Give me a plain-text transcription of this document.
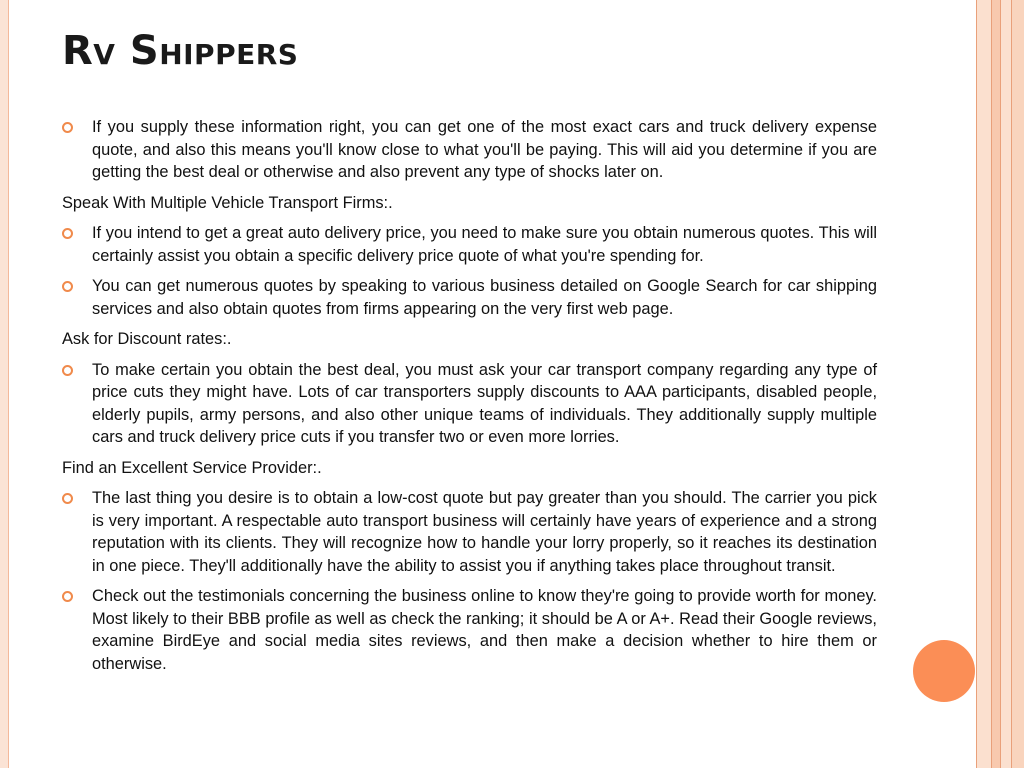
Rv Shippers
If you supply these information right, you can get one of the most exact cars and truck delivery expense quote, and also this means you'll know close to what you'll be paying. This will aid you determine if you are getting the best deal or otherwise and also prevent any type of shocks later on.

Speak With Multiple Vehicle Transport Firms:.

If you intend to get a great auto delivery price, you need to make sure you obtain numerous quotes. This will certainly assist you obtain a specific delivery price quote of what you're spending for.
You can get numerous quotes by speaking to various business detailed on Google Search for car shipping services and also obtain quotes from firms appearing on the very first web page.

Ask for Discount rates:.

To make certain you obtain the best deal, you must ask your car transport company regarding any type of price cuts they might have. Lots of car transporters supply discounts to AAA participants, disabled people, elderly pupils, army persons, and also other unique teams of individuals. They additionally supply multiple cars and truck delivery price cuts if you transfer two or even more lorries.

Find an Excellent Service Provider:.

The last thing you desire is to obtain a low-cost quote but pay greater than you should. The carrier you pick is very important. A respectable auto transport business will certainly have years of experience and a strong reputation with its clients. They will recognize how to handle your lorry properly, so it reaches its destination in one piece. They'll additionally have the ability to assist you if anything takes place throughout transit.
Check out the testimonials concerning the business online to know they're going to provide worth for money. Most likely to their BBB profile as well as check the ranking; it should be A or A+. Read their Google reviews, examine BirdEye and social media sites reviews, and then make a decision whether to hire them or otherwise.
